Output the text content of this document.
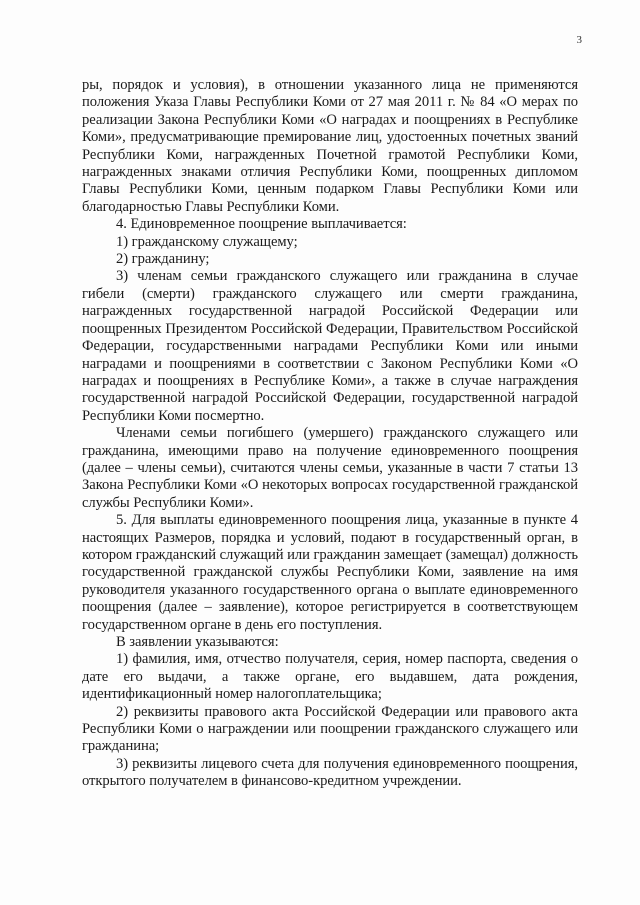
3

ры, порядок и условия), в отношении указанного лица не применяются положения Указа Главы Республики Коми от 27 мая 2011 г. № 84 «О мерах по реализации Закона Республики Коми «О наградах и поощрениях в Республике Коми», предусматривающие премирование лиц, удостоенных почетных званий Республики Коми, награжденных Почетной грамотой Республики Коми, награжденных знаками отличия Республики Коми, поощренных дипломом Главы Республики Коми, ценным подарком Главы Республики Коми или благодарностью Главы Республики Коми.

4. Единовременное поощрение выплачивается:

1) гражданскому служащему;

2) гражданину;

3) членам семьи гражданского служащего или гражданина в случае гибели (смерти) гражданского служащего или смерти гражданина, награжденных государственной наградой Российской Федерации или поощренных Президентом Российской Федерации, Правительством Российской Федерации, государственными наградами Республики Коми или иными наградами и поощрениями в соответствии с Законом Республики Коми «О наградах и поощрениях в Республике Коми», а также в случае награждения государственной наградой Российской Федерации, государственной наградой Республики Коми посмертно.

Членами семьи погибшего (умершего) гражданского служащего или гражданина, имеющими право на получение единовременного поощрения (далее – члены семьи), считаются члены семьи, указанные в части 7 статьи 13 Закона Республики Коми «О некоторых вопросах государственной гражданской службы Республики Коми».

5. Для выплаты единовременного поощрения лица, указанные в пункте 4 настоящих Размеров, порядка и условий, подают в государственный орган, в котором гражданский служащий или гражданин замещает (замещал) должность государственной гражданской службы Республики Коми, заявление на имя руководителя указанного государственного органа о выплате единовременного поощрения (далее – заявление), которое регистрируется в соответствующем государственном органе в день его поступления.

В заявлении указываются:

1) фамилия, имя, отчество получателя, серия, номер паспорта, сведения о дате его выдачи, а также органе, его выдавшем, дата рождения, идентификационный номер налогоплательщика;

2) реквизиты правового акта Российской Федерации или правового акта Республики Коми о награждении или поощрении гражданского служащего или гражданина;

3) реквизиты лицевого счета для получения единовременного поощрения, открытого получателем в финансово-кредитном учреждении.
